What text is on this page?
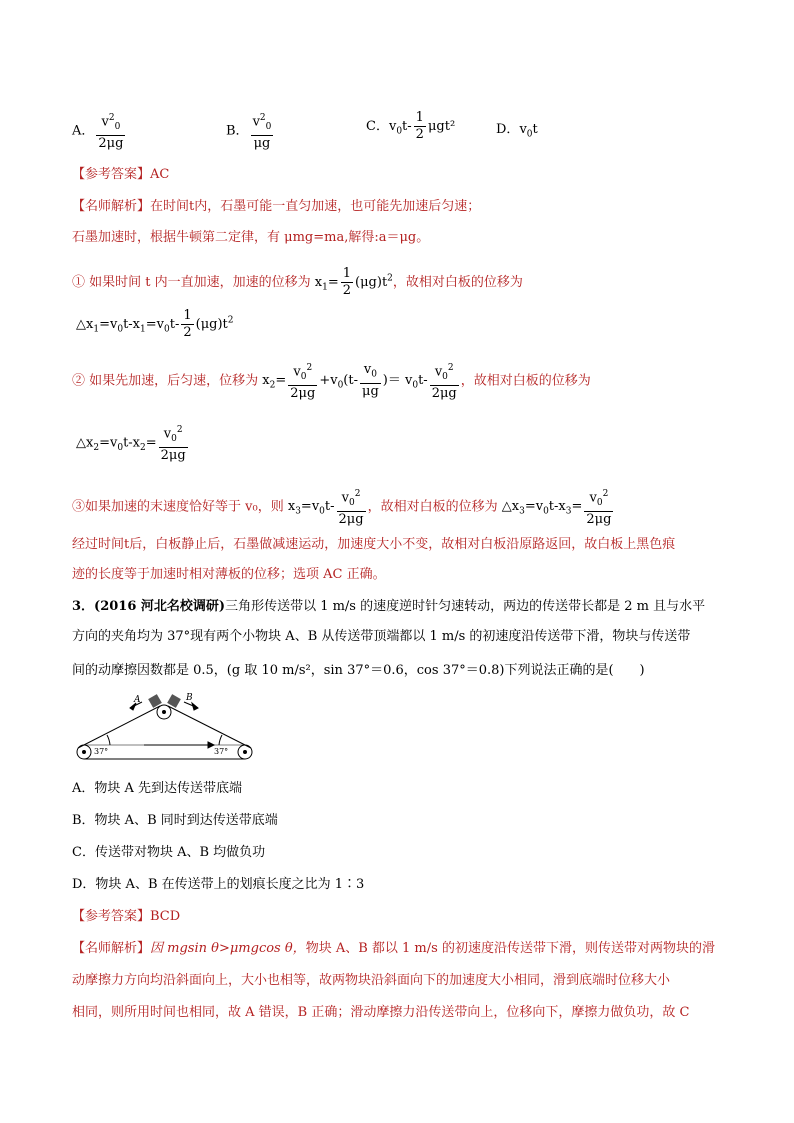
A． $\frac{v^2_0}{2\mu g}$	B． $\frac{v^2_0}{\mu g}$	C．$v_0t- \frac{1}{2} \mu gt^2$	D．$v_0t$
【参考答案】AC
【名师解析】在时间t内，石墨可能一直匀加速，也可能先加速后匀速；
石墨加速时，根据牛顿第二定律，有 μmg=ma,解得:a＝μg。
① 如果时间 t 内一直加速，加速的位移为 $x_1= \frac{1}{2} (\mu g)t^2$，故相对白板的位移为
$\triangle x_1=v_0t-x_1=v_0t- \frac{1}{2} (\mu g)t^2$
② 如果先加速，后匀速，位移为 $x_2= \frac{v_0^2}{2\mu g} +v_0(t- \frac{v_0}{\mu g}$ )＝ $v_0t- \frac{v_0^2}{2\mu g}$ ，故相对白板的位移为
$\triangle x_2=v_0t-x_2= \frac{v_0^2}{2\mu g}$
③如果加速的末速度恰好等于 v₀，则 $x_3=v_0t- \frac{v_0^2}{2\mu g}$ ，故相对白板的位移为 $\triangle x_3=v_0t-x_3= \frac{v_0^2}{2\mu g}$
经过时间t后，白板静止后，石墨做减速运动，加速度大小不变，故相对白板沿原路返回，故白板上黑色痕
迹的长度等于加速时相对薄板的位移；选项 AC 正确。
3．(2016 河北名校调研)三角形传送带以 1 m/s 的速度逆时针匀速转动，两边的传送带长都是 2 m 且与水平
方向的夹角均为 37°现有两个小物块 A、B 从传送带顶端都以 1 m/s 的初速度沿传送带下滑，物块与传送带
间的动摩擦因数都是 0.5，(g 取 10 m/s²，sin 37°＝0.6，cos 37°＝0.8)下列说法正确的是(　　)
A	B
37°	37°
A．物块 A 先到达传送带底端
B．物块 A、B 同时到达传送带底端
C．传送带对物块 A、B 均做负功
D．物块 A、B 在传送带上的划痕长度之比为 1∶3
【参考答案】BCD
【名师解析】因 mgsin θ>μmgcos θ，物块 A、B 都以 1 m/s 的初速度沿传送带下滑，则传送带对两物块的滑
动摩擦力方向均沿斜面向上，大小也相等，故两物块沿斜面向下的加速度大小相同，滑到底端时位移大小
相同，则所用时间也相同，故 A 错误，B 正确；滑动摩擦力沿传送带向上，位移向下，摩擦力做负功，故 C
